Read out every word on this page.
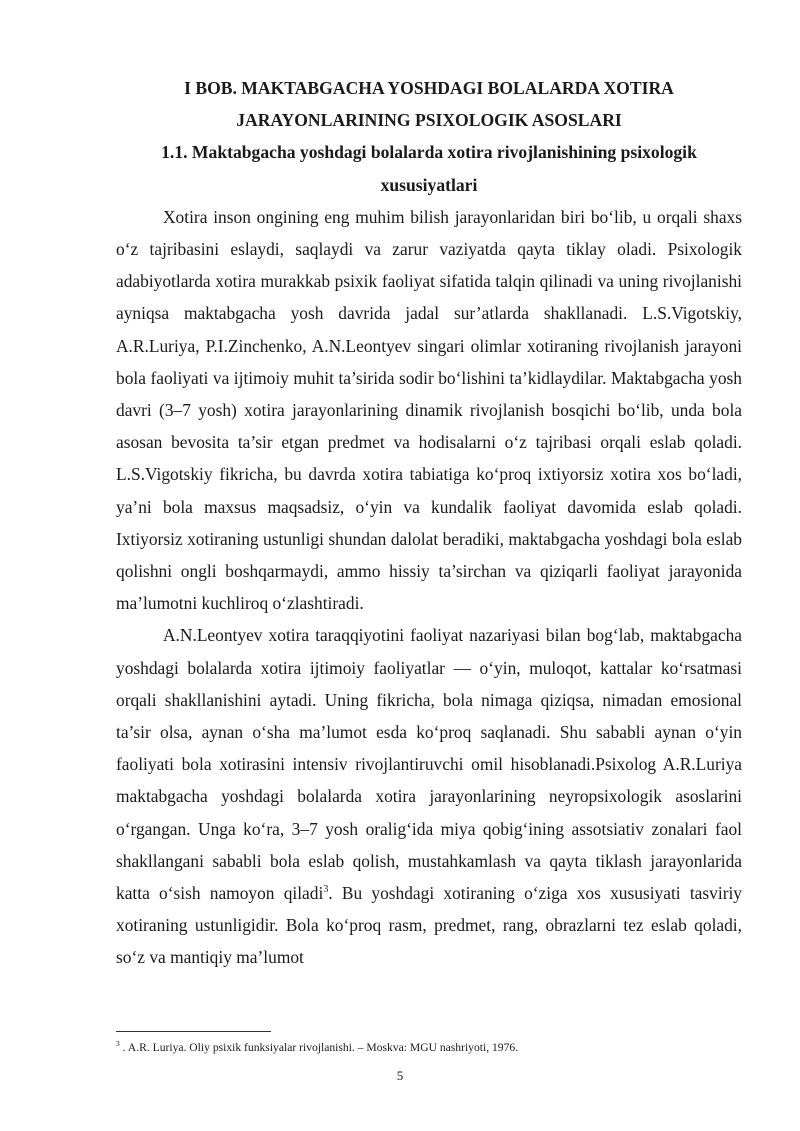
I BOB. MAKTABGACHA YOSHDAGI BOLALARDA XOTIRA
JARAYONLARINING PSIXOLOGIK ASOSLARI

1.1. Maktabgacha yoshdagi bolalarda xotira rivojlanishining psixologik
xususiyatlari

Xotira inson ongining eng muhim bilish jarayonlaridan biri bo‘lib, u orqali shaxs o‘z tajribasini eslaydi, saqlaydi va zarur vaziyatda qayta tiklay oladi. Psixologik adabiyotlarda xotira murakkab psixik faoliyat sifatida talqin qilinadi va uning rivojlanishi ayniqsa maktabgacha yosh davrida jadal sur’atlarda shakllanadi. L.S.Vigotskiy, A.R.Luriya, P.I.Zinchenko, A.N.Leontyev singari olimlar xotiraning rivojlanish jarayoni bola faoliyati va ijtimoiy muhit ta’sirida sodir bo‘lishini ta’kidlaydilar. Maktabgacha yosh davri (3–7 yosh) xotira jarayonlarining dinamik rivojlanish bosqichi bo‘lib, unda bola asosan bevosita ta’sir etgan predmet va hodisalarni o‘z tajribasi orqali eslab qoladi. L.S.Vigotskiy fikricha, bu davrda xotira tabiatiga ko‘proq ixtiyorsiz xotira xos bo‘ladi, ya’ni bola maxsus maqsadsiz, o‘yin va kundalik faoliyat davomida eslab qoladi. Ixtiyorsiz xotiraning ustunligi shundan dalolat beradiki, maktabgacha yoshdagi bola eslab qolishni ongli boshqarmaydi, ammo hissiy ta’sirchan va qiziqarli faoliyat jarayonida ma’lumotni kuchliroq o‘zlashtiradi.

A.N.Leontyev xotira taraqqiyotini faoliyat nazariyasi bilan bog‘lab, maktabgacha yoshdagi bolalarda xotira ijtimoiy faoliyatlar — o‘yin, muloqot, kattalar ko‘rsatmasi orqali shakllanishini aytadi. Uning fikricha, bola nimaga qiziqsa, nimadan emosional ta’sir olsa, aynan o‘sha ma’lumot esda ko‘proq saqlanadi. Shu sababli aynan o‘yin faoliyati bola xotirasini intensiv rivojlantiruvchi omil hisoblanadi.Psixolog A.R.Luriya maktabgacha yoshdagi bolalarda xotira jarayonlarining neyropsixologik asoslarini o‘rgangan. Unga ko‘ra, 3–7 yosh oralig‘ida miya qobig‘ining assotsiativ zonalari faol shakllangani sababli bola eslab qolish, mustahkamlash va qayta tiklash jarayonlarida katta o‘sish namoyon qiladi$^3$. Bu yoshdagi xotiraning o‘ziga xos xususiyati tasviriy xotiraning ustunligidir. Bola ko‘proq rasm, predmet, rang, obrazlarni tez eslab qoladi, so‘z va mantiqiy ma’lumot

$^3$ . A.R. Luriya. Oliy psixik funksiyalar rivojlanishi. – Moskva: MGU nashriyoti, 1976.

5
